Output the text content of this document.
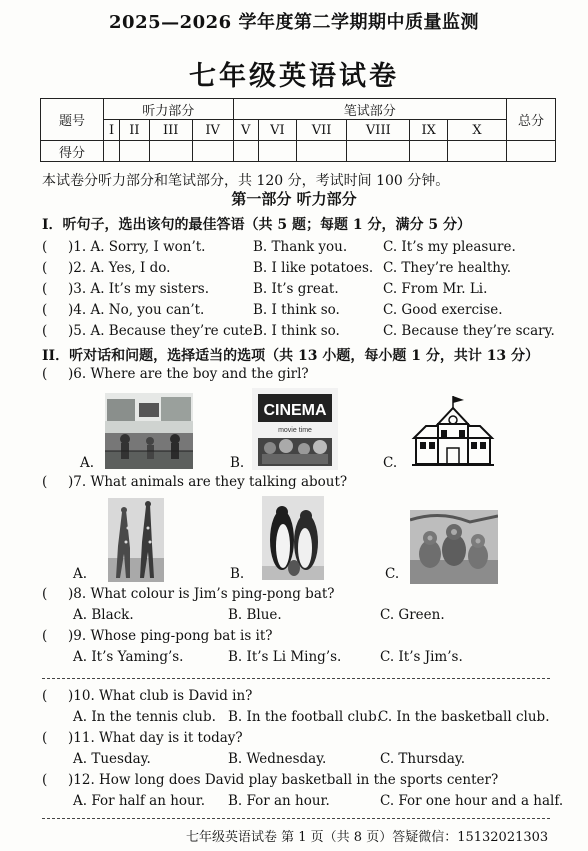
2025—2026 学年度第二学期期中质量监测
七年级英语试卷
题号	听力部分				笔试部分						总分
	I	II	III	IV	V	VI	VII	VIII	IX	X	
得分											
本试卷分听力部分和笔试部分，共 120 分，考试时间 100 分钟。
第一部分 听力部分
I．听句子，选出该句的最佳答语（共 5 题；每题 1 分，满分 5 分）
( )1. A. Sorry, I won’t.	B. Thank you.	C. It’s my pleasure.
( )2. A. Yes, I do.	B. I like potatoes. C. They’re healthy.
( )3. A. It’s my sisters.	B. It’s great.	C. From Mr. Li.
( )4. A. No, you can’t.	B. I think so.	C. Good exercise.
( )5. A. Because they’re cute.
B. I think so.	C. Because they’re scary.
II．听对话和问题，选择适当的选项（共 13 小题，每小题 1 分，共计 13 分）
( )6. Where are the boy and the girl?
A.	B.
CINEMA
movie time
C.
( )7. What animals are they talking about?
A.	B.	C.
( )8. What colour is Jim’s ping-pong bat?
A. Black.	B. Blue.	C. Green.
( )9. Whose ping-pong bat is it?
A. It’s Yaming’s.	B. It’s Li Ming’s.	C. It’s Jim’s.
( )10. What club is David in?
A. In the tennis club. B. In the football club.
C. In the basketball club.
( )11. What day is it today?
A. Tuesday.	B. Wednesday.	C. Thursday.
( )12. How long does David play basketball in the sports center?
A. For half an hour. B. For an hour.	C. For one hour and a half.
七年级英语试卷 第 1 页（共 8 页）答疑微信：15132021303
